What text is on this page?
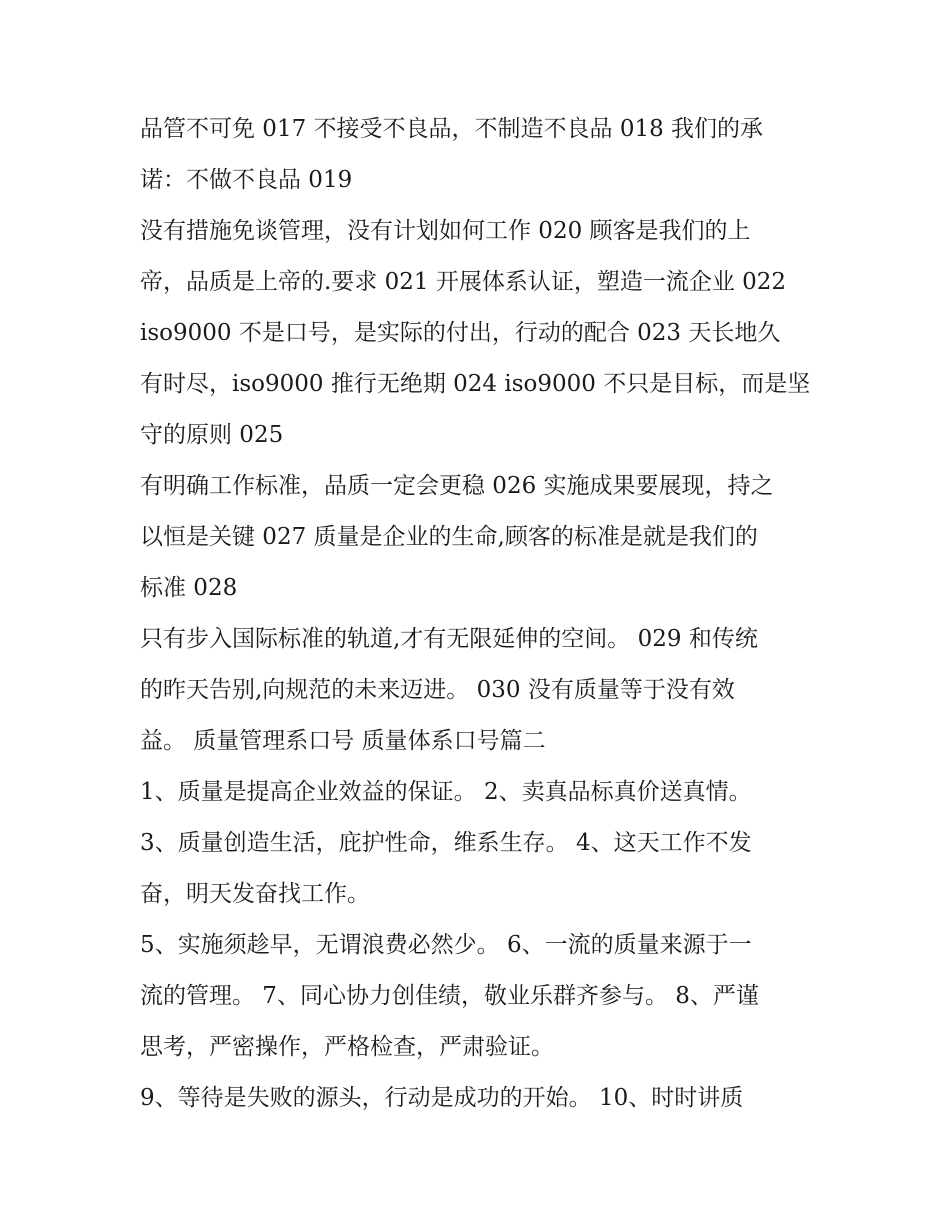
品管不可免 017 不接受不良品，不制造不良品 018 我们的承
诺：不做不良品 019
没有措施免谈管理，没有计划如何工作 020 顾客是我们的上
帝，品质是上帝的.要求 021 开展体系认证，塑造一流企业 022
iso9000 不是口号，是实际的付出，行动的配合 023 天长地久
有时尽，iso9000 推行无绝期 024 iso9000 不只是目标，而是坚
守的原则 025
有明确工作标准，品质一定会更稳 026 实施成果要展现，持之
以恒是关键 027 质量是企业的生命,顾客的标准是就是我们的
标准 028
只有步入国际标准的轨道,才有无限延伸的空间。 029 和传统
的昨天告别,向规范的未来迈进。 030 没有质量等于没有效
益。 质量管理系口号 质量体系口号篇二
1、质量是提高企业效益的保证。 2、卖真品标真价送真情。
3、质量创造生活，庇护性命，维系生存。 4、这天工作不发
奋，明天发奋找工作。
5、实施须趁早，无谓浪费必然少。 6、一流的质量来源于一
流的管理。 7、同心协力创佳绩，敬业乐群齐参与。 8、严谨
思考，严密操作，严格检查，严肃验证。
9、等待是失败的源头，行动是成功的开始。 10、时时讲质
